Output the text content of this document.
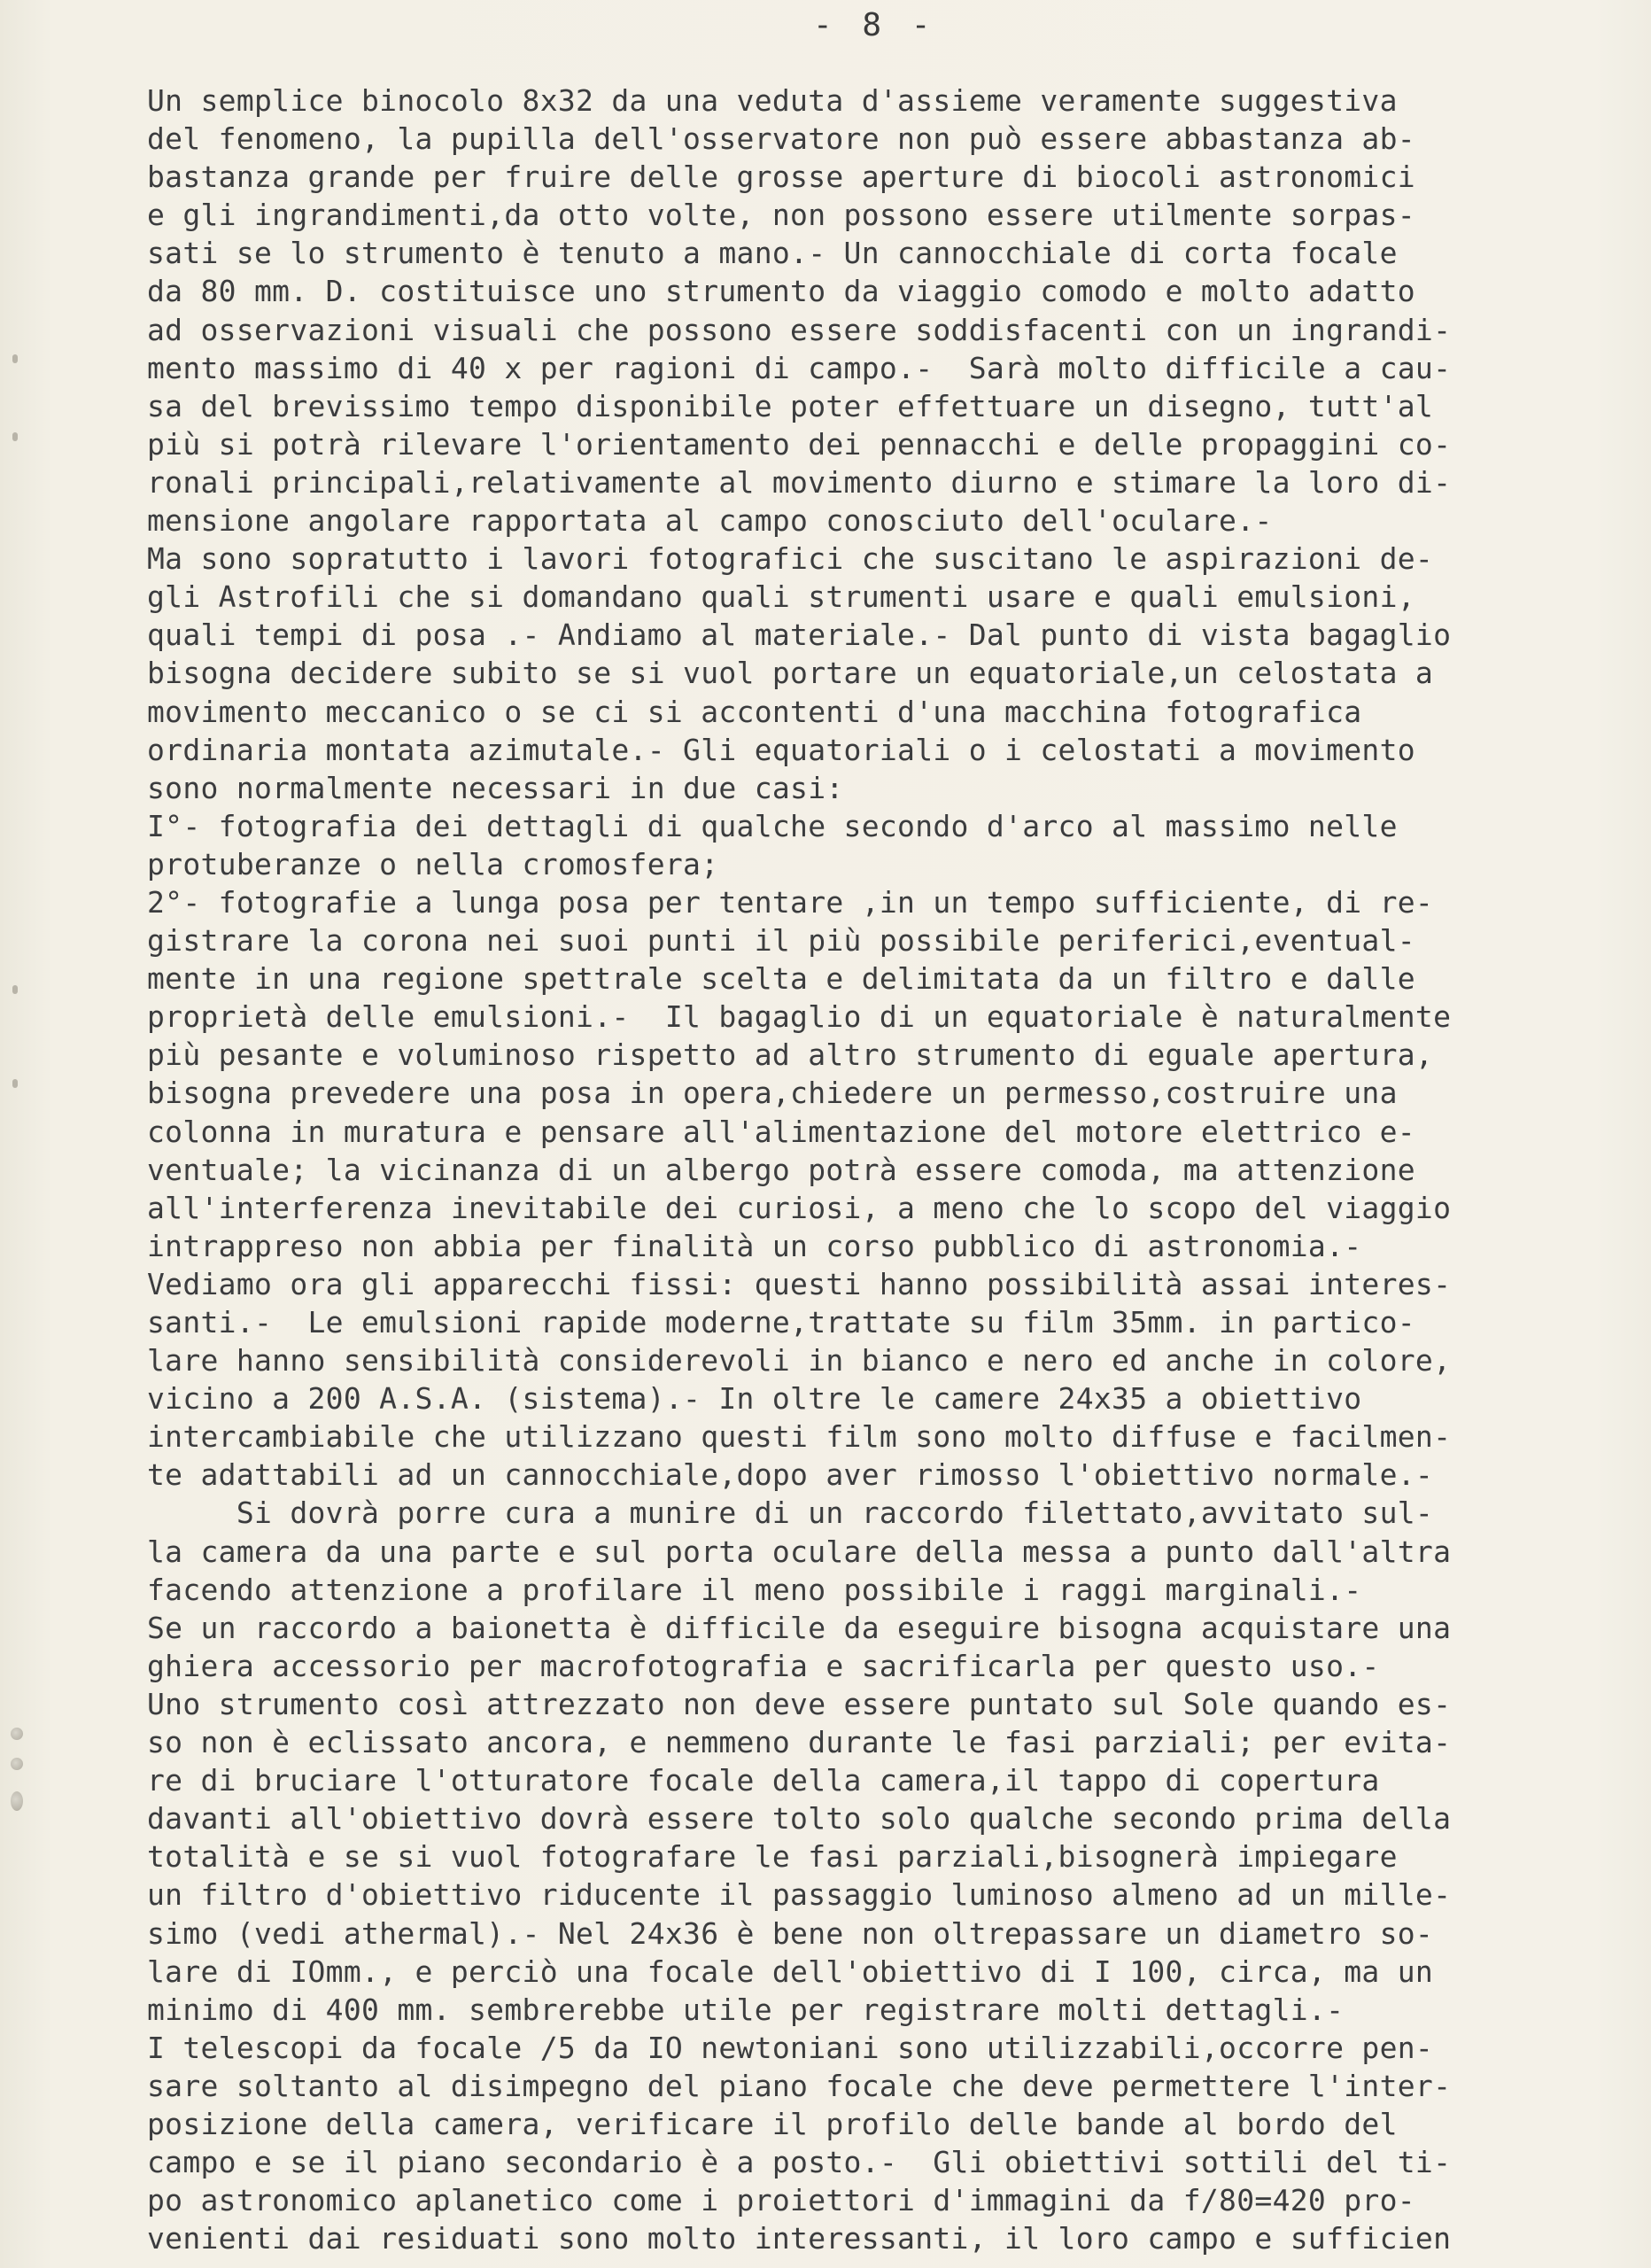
- 8 -
Un semplice binocolo 8x32 da una veduta d'assieme veramente suggestiva
del fenomeno, la pupilla dell'osservatore non può essere abbastanza ab-
bastanza grande per fruire delle grosse aperture di biocoli astronomici
e gli ingrandimenti,da otto volte, non possono essere utilmente sorpas-
sati se lo strumento è tenuto a mano.- Un cannocchiale di corta focale
da 80 mm. D. costituisce uno strumento da viaggio comodo e molto adatto
ad osservazioni visuali che possono essere soddisfacenti con un ingrandi-
mento massimo di 40 x per ragioni di campo.-  Sarà molto difficile a cau-
sa del brevissimo tempo disponibile poter effettuare un disegno, tutt'al
più si potrà rilevare l'orientamento dei pennacchi e delle propaggini co-
ronali principali,relativamente al movimento diurno e stimare la loro di-
mensione angolare rapportata al campo conosciuto dell'oculare.-
Ma sono sopratutto i lavori fotografici che suscitano le aspirazioni de-
gli Astrofili che si domandano quali strumenti usare e quali emulsioni,
quali tempi di posa .- Andiamo al materiale.- Dal punto di vista bagaglio
bisogna decidere subito se si vuol portare un equatoriale,un celostata a
movimento meccanico o se ci si accontenti d'una macchina fotografica
ordinaria montata azimutale.- Gli equatoriali o i celostati a movimento
sono normalmente necessari in due casi:
I°- fotografia dei dettagli di qualche secondo d'arco al massimo nelle
protuberanze o nella cromosfera;
2°- fotografie a lunga posa per tentare ,in un tempo sufficiente, di re-
gistrare la corona nei suoi punti il più possibile periferici,eventual-
mente in una regione spettrale scelta e delimitata da un filtro e dalle
proprietà delle emulsioni.-  Il bagaglio di un equatoriale è naturalmente
più pesante e voluminoso rispetto ad altro strumento di eguale apertura,
bisogna prevedere una posa in opera,chiedere un permesso,costruire una
colonna in muratura e pensare all'alimentazione del motore elettrico e-
ventuale; la vicinanza di un albergo potrà essere comoda, ma attenzione
all'interferenza inevitabile dei curiosi, a meno che lo scopo del viaggio
intrappreso non abbia per finalità un corso pubblico di astronomia.-
Vediamo ora gli apparecchi fissi: questi hanno possibilità assai interes-
santi.-  Le emulsioni rapide moderne,trattate su film 35mm. in partico-
lare hanno sensibilità considerevoli in bianco e nero ed anche in colore,
vicino a 200 A.S.A. (sistema).- In oltre le camere 24x35 a obiettivo
intercambiabile che utilizzano questi film sono molto diffuse e facilmen-
te adattabili ad un cannocchiale,dopo aver rimosso l'obiettivo normale.-
Si dovrà porre cura a munire di un raccordo filettato,avvitato sul-
la camera da una parte e sul porta oculare della messa a punto dall'altra
facendo attenzione a profilare il meno possibile i raggi marginali.-
Se un raccordo a baionetta è difficile da eseguire bisogna acquistare una
ghiera accessorio per macrofotografia e sacrificarla per questo uso.-
Uno strumento così attrezzato non deve essere puntato sul Sole quando es-
so non è eclissato ancora, e nemmeno durante le fasi parziali; per evita-
re di bruciare l'otturatore focale della camera,il tappo di copertura
davanti all'obiettivo dovrà essere tolto solo qualche secondo prima della
totalità e se si vuol fotografare le fasi parziali,bisognerà impiegare
un filtro d'obiettivo riducente il passaggio luminoso almeno ad un mille-
simo (vedi athermal).- Nel 24x36 è bene non oltrepassare un diametro so-
lare di IOmm., e perciò una focale dell'obiettivo di I 100, circa, ma un
minimo di 400 mm. sembrerebbe utile per registrare molti dettagli.-
I telescopi da focale /5 da IO newtoniani sono utilizzabili,occorre pen-
sare soltanto al disimpegno del piano focale che deve permettere l'inter-
posizione della camera, verificare il profilo delle bande al bordo del
campo e se il piano secondario è a posto.-  Gli obiettivi sottili del ti-
po astronomico aplanetico come i proiettori d'immagini da f/80=420 pro-
venienti dai residuati sono molto interessanti, il loro campo e sufficien
